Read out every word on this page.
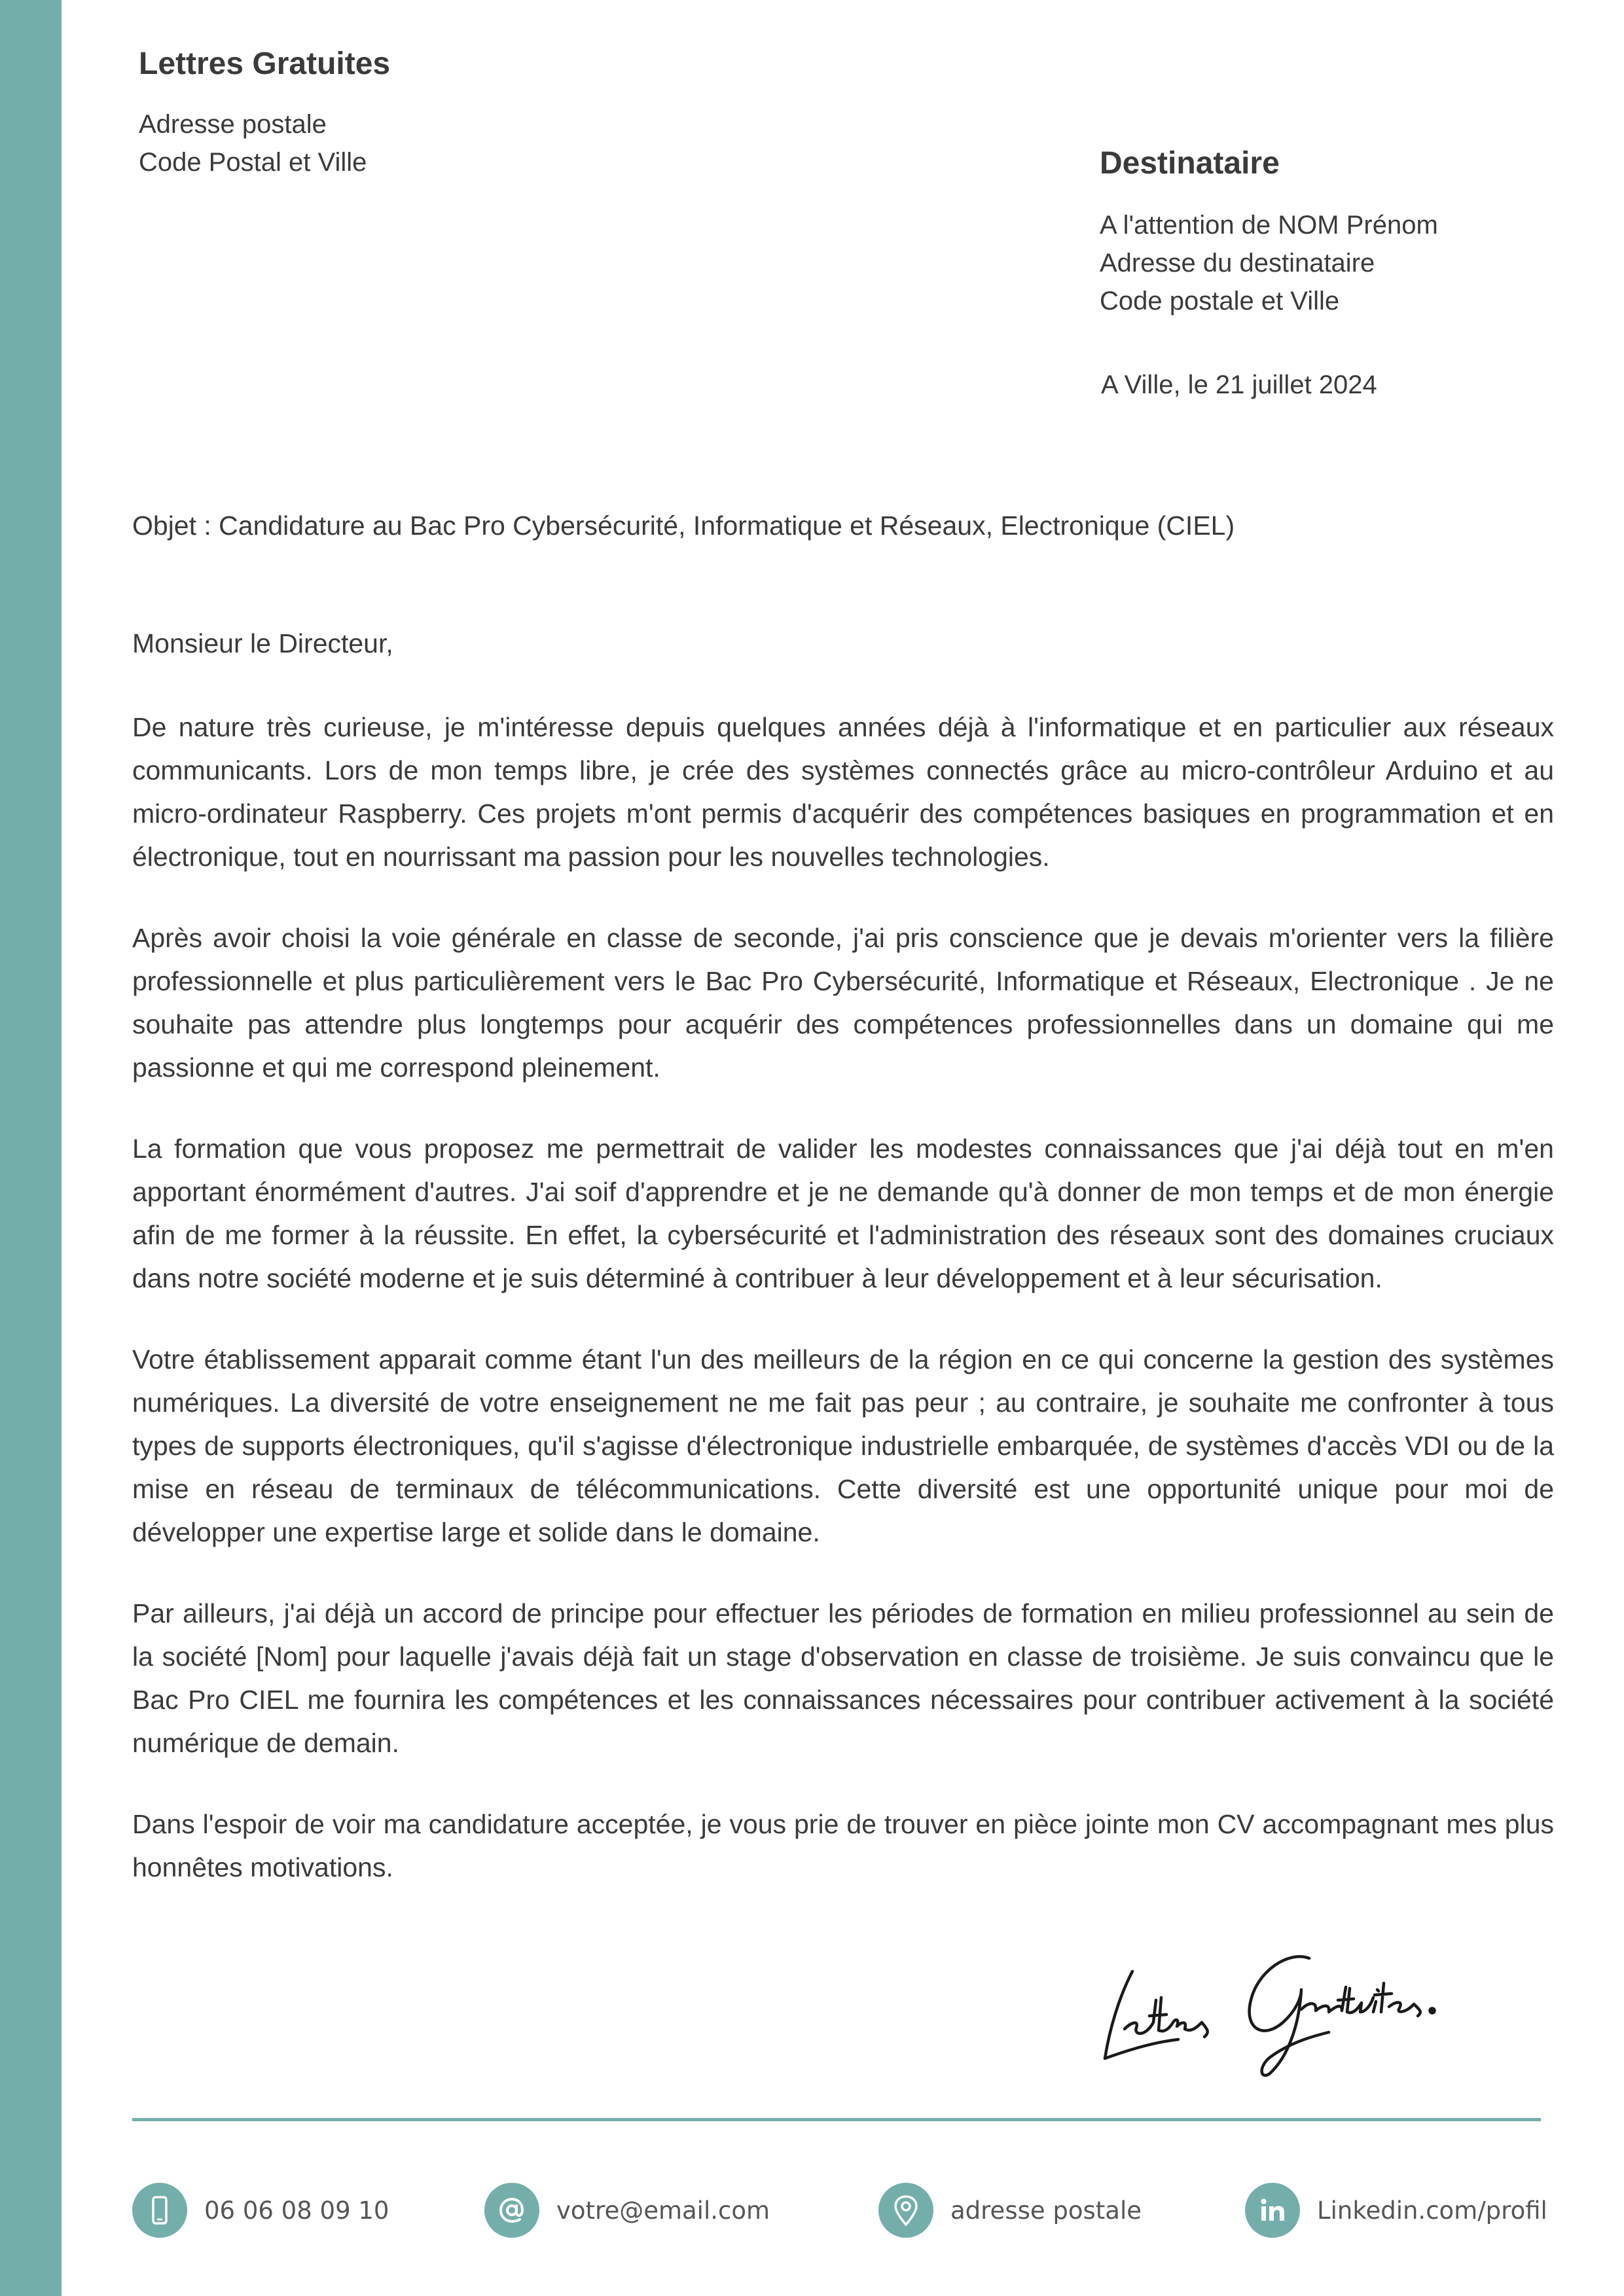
Lettres Gratuites
Adresse postale
Code Postal et Ville	Destinataire
A l'attention de NOM Prénom
Adresse du destinataire
Code postale et Ville
A Ville, le 21 juillet 2024
Objet : Candidature au Bac Pro Cybersécurité, Informatique et Réseaux, Electronique (CIEL)
Monsieur le Directeur,

De nature très curieuse, je m'intéresse depuis quelques années déjà à l'informatique et en particulier aux réseaux communicants. Lors de mon temps libre, je crée des systèmes connectés grâce au micro-contrôleur Arduino et au micro-ordinateur Raspberry. Ces projets m'ont permis d'acquérir des compétences basiques en programmation et en électronique, tout en nourrissant ma passion pour les nouvelles technologies.

Après avoir choisi la voie générale en classe de seconde, j'ai pris conscience que je devais m'orienter vers la filière professionnelle et plus particulièrement vers le Bac Pro Cybersécurité, Informatique et Réseaux, Electronique . Je ne souhaite pas attendre plus longtemps pour acquérir des compétences professionnelles dans un domaine qui me passionne et qui me correspond pleinement.

La formation que vous proposez me permettrait de valider les modestes connaissances que j'ai déjà tout en m'en apportant énormément d'autres. J'ai soif d'apprendre et je ne demande qu'à donner de mon temps et de mon énergie afin de me former à la réussite. En effet, la cybersécurité et l'administration des réseaux sont des domaines cruciaux dans notre société moderne et je suis déterminé à contribuer à leur développement et à leur sécurisation.

Votre établissement apparait comme étant l'un des meilleurs de la région en ce qui concerne la gestion des systèmes numériques. La diversité de votre enseignement ne me fait pas peur ; au contraire, je souhaite me confronter à tous types de supports électroniques, qu'il s'agisse d'électronique industrielle embarquée, de systèmes d'accès VDI ou de la mise en réseau de terminaux de télécommunications. Cette diversité est une opportunité unique pour moi de développer une expertise large et solide dans le domaine.

Par ailleurs, j'ai déjà un accord de principe pour effectuer les périodes de formation en milieu professionnel au sein de la société [Nom] pour laquelle j'avais déjà fait un stage d'observation en classe de troisième. Je suis convaincu que le Bac Pro CIEL me fournira les compétences et les connaissances nécessaires pour contribuer activement à la société numérique de demain.

Dans l'espoir de voir ma candidature acceptée, je vous prie de trouver en pièce jointe mon CV accompagnant mes plus honnêtes motivations.

06 06 08 09 10	votre@email.com	adresse postale	Linkedin.com/profil
